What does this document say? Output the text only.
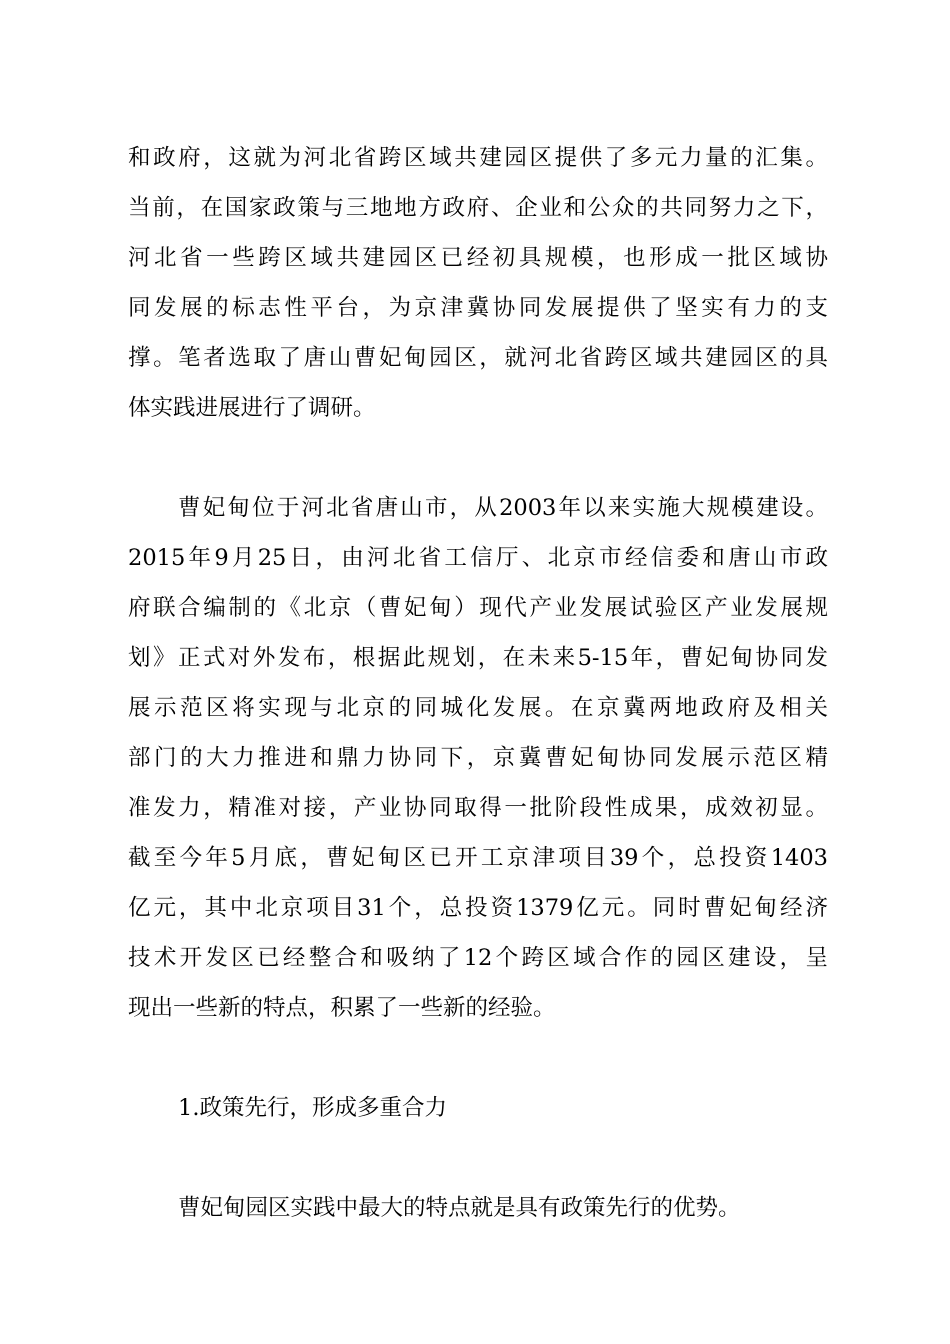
和政府，这就为河北省跨区域共建园区提供了多元力量的汇集。
当前，在国家政策与三地地方政府、企业和公众的共同努力之下，
河北省一些跨区域共建园区已经初具规模，也形成一批区域协
同发展的标志性平台，为京津冀协同发展提供了坚实有力的支
撑。笔者选取了唐山曹妃甸园区，就河北省跨区域共建园区的具
体实践进展进行了调研。
曹妃甸位于河北省唐山市，从2003年以来实施大规模建设。
2015年9月25日，由河北省工信厅、北京市经信委和唐山市政
府联合编制的《北京（曹妃甸）现代产业发展试验区产业发展规
划》正式对外发布，根据此规划，在未来5-15年，曹妃甸协同发
展示范区将实现与北京的同城化发展。在京冀两地政府及相关
部门的大力推进和鼎力协同下，京冀曹妃甸协同发展示范区精
准发力，精准对接，产业协同取得一批阶段性成果，成效初显。
截至今年5月底，曹妃甸区已开工京津项目39个，总投资1403
亿元，其中北京项目31个，总投资1379亿元。同时曹妃甸经济
技术开发区已经整合和吸纳了12个跨区域合作的园区建设，呈
现出一些新的特点，积累了一些新的经验。
1.政策先行，形成多重合力
曹妃甸园区实践中最大的特点就是具有政策先行的优势。
